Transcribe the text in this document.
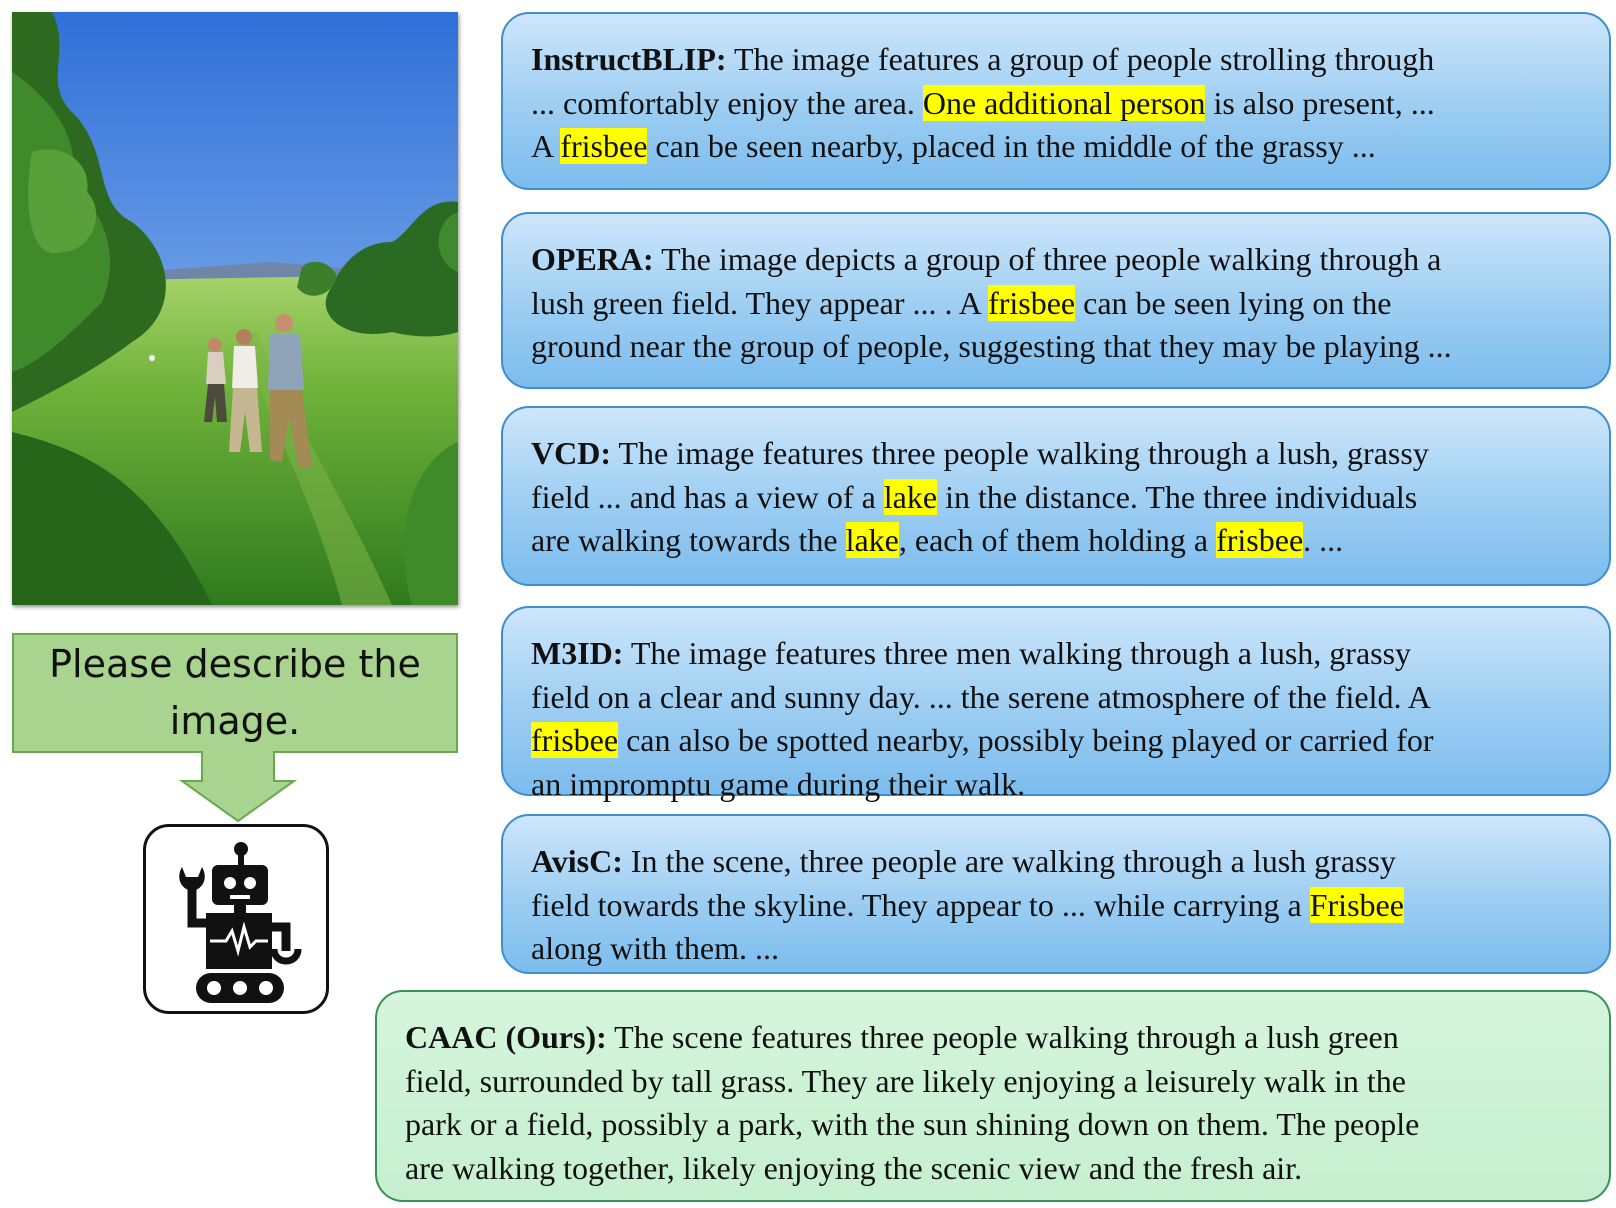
Please describe the
image.
InstructBLIP: The image features a group of people strolling through
... comfortably enjoy the area. One additional person is also present, ...
A frisbee can be seen nearby, placed in the middle of the grassy ...
OPERA: The image depicts a group of three people walking through a
lush green field. They appear ... . A frisbee can be seen lying on the
ground near the group of people, suggesting that they may be playing ...
VCD: The image features three people walking through a lush, grassy
field ... and has a view of a lake in the distance. The three individuals
are walking towards the lake, each of them holding a frisbee. ...
M3ID: The image features three men walking through a lush, grassy
field on a clear and sunny day. ... the serene atmosphere of the field. A
frisbee can also be spotted nearby, possibly being played or carried for
an impromptu game during their walk.
AvisC: In the scene, three people are walking through a lush grassy
field towards the skyline. They appear to ... while carrying a Frisbee
along with them. ...
CAAC (Ours): The scene features three people walking through a lush green
field, surrounded by tall grass. They are likely enjoying a leisurely walk in the
park or a field, possibly a park, with the sun shining down on them. The people
are walking together, likely enjoying the scenic view and the fresh air.
